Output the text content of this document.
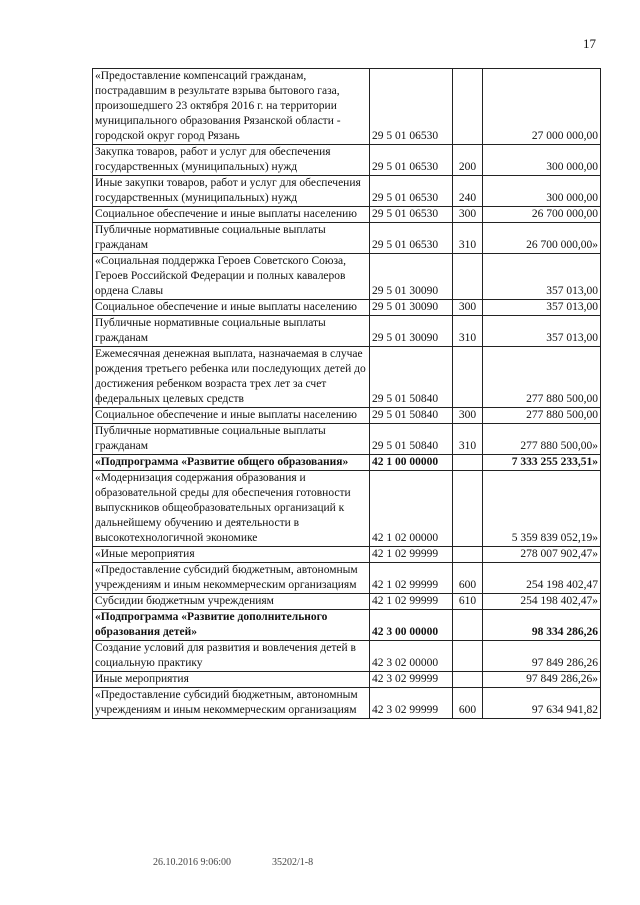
17
«Предоставление компенсаций гражданам, пострадавшим в результате взрыва бытового газа, произошедшего 23 октября 2016 г. на территории муниципального образования Рязанской области - городской округ город Рязань	29 5 01 06530		27 000 000,00
Закупка товаров, работ и услуг для обеспечения государственных (муниципальных) нужд	29 5 01 06530	200	300 000,00
Иные закупки товаров, работ и услуг для обеспечения государственных (муниципальных) нужд	29 5 01 06530	240	300 000,00
Социальное обеспечение и иные выплаты населению	29 5 01 06530	300	26 700 000,00
Публичные нормативные социальные выплаты гражданам	29 5 01 06530	310	26 700 000,00»
«Социальная поддержка Героев Советского Союза, Героев Российской Федерации и полных кавалеров ордена Славы	29 5 01 30090		357 013,00
Социальное обеспечение и иные выплаты населению	29 5 01 30090	300	357 013,00
Публичные нормативные социальные выплаты гражданам	29 5 01 30090	310	357 013,00
Ежемесячная денежная выплата, назначаемая в случае рождения третьего ребенка или последующих детей до достижения ребенком возраста трех лет за счет федеральных целевых средств	29 5 01 50840		277 880 500,00
Социальное обеспечение и иные выплаты населению	29 5 01 50840	300	277 880 500,00
Публичные нормативные социальные выплаты гражданам	29 5 01 50840	310	277 880 500,00»
«Подпрограмма «Развитие общего образования»	42 1 00 00000		7 333 255 233,51»
«Модернизация содержания образования и образовательной среды для обеспечения готовности выпускников общеобразовательных организаций к дальнейшему обучению и деятельности в высокотехнологичной экономике	42 1 02 00000		5 359 839 052,19»
«Иные мероприятия	42 1 02 99999		278 007 902,47»
«Предоставление субсидий бюджетным, автономным учреждениям и иным некоммерческим организациям	42 1 02 99999	600	254 198 402,47
Субсидии бюджетным учреждениям	42 1 02 99999	610	254 198 402,47»
«Подпрограмма «Развитие дополнительного образования детей»	42 3 00 00000		98 334 286,26
Создание условий для развития и вовлечения детей в социальную практику	42 3 02 00000		97 849 286,26
Иные мероприятия	42 3 02 99999		97 849 286,26»
«Предоставление субсидий бюджетным, автономным учреждениям и иным некоммерческим организациям	42 3 02 99999	600	97 634 941,82
26.10.2016 9:06:00	35202/1-8
